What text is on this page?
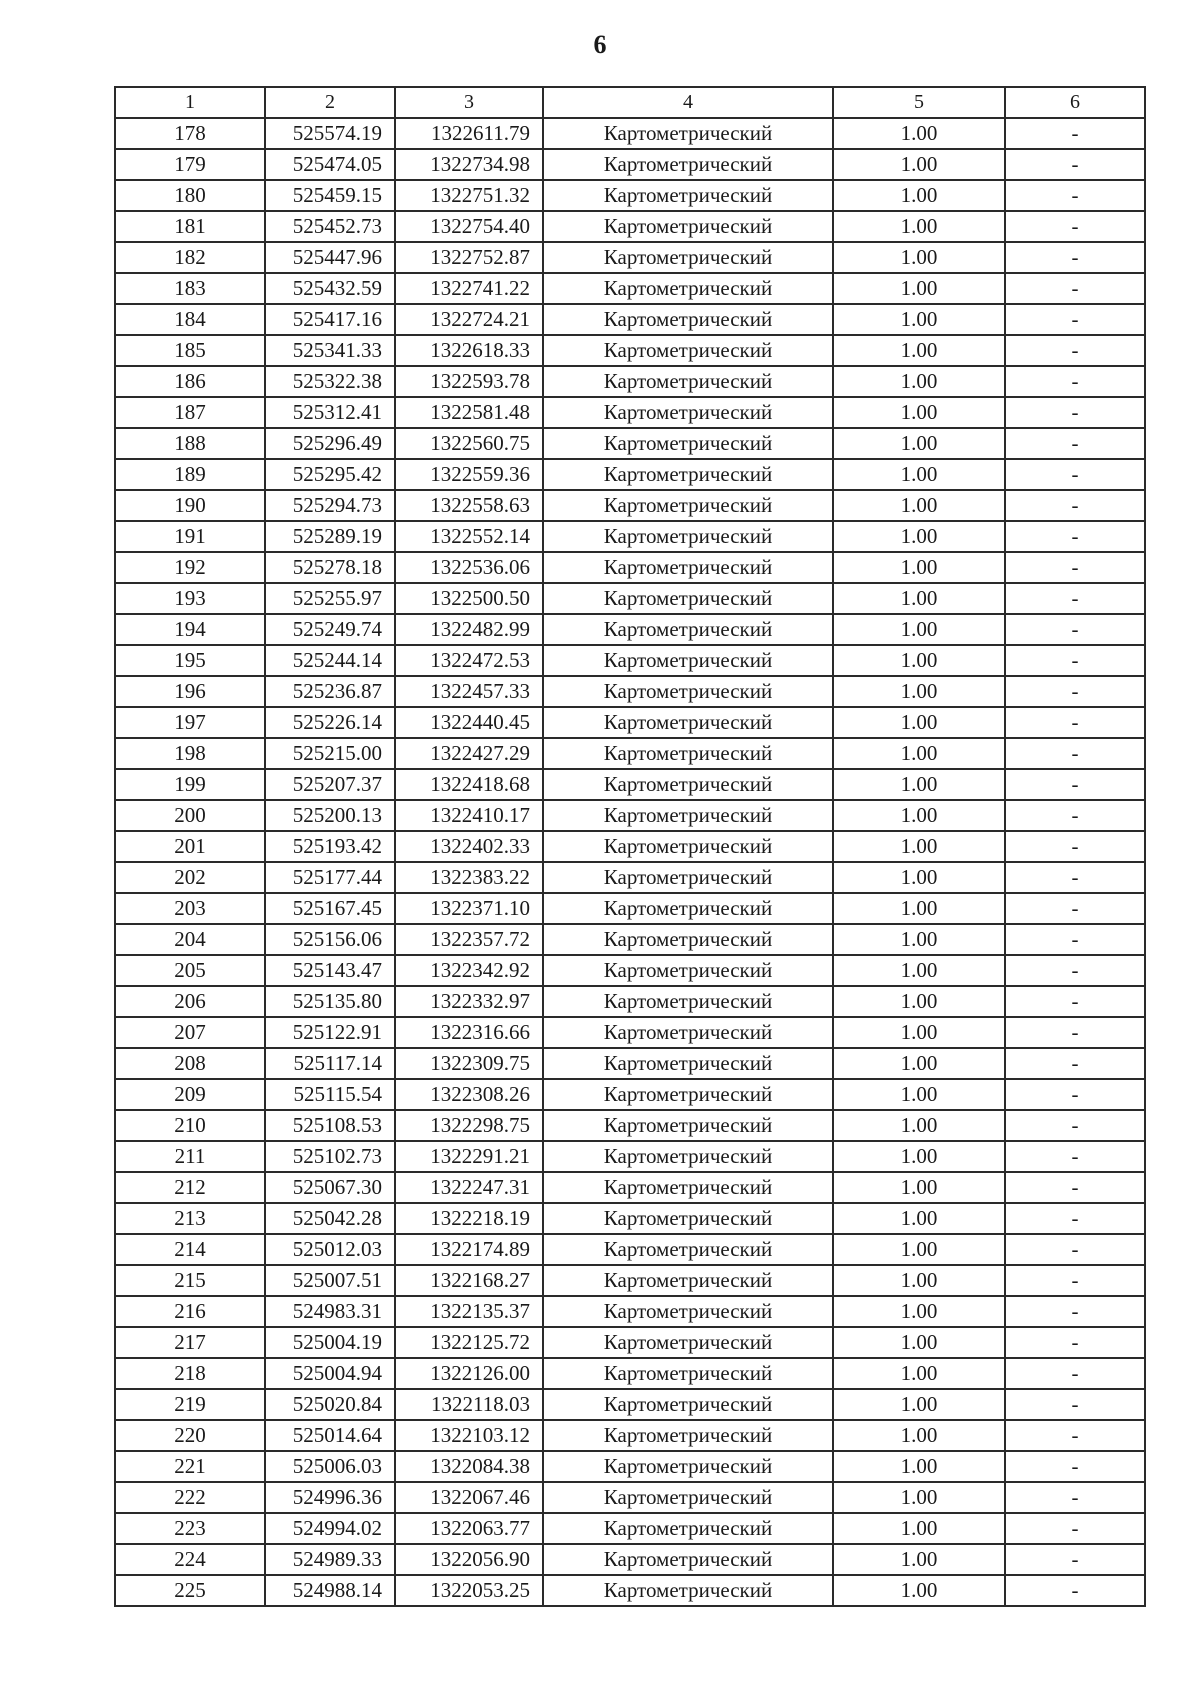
6
1	2	3	4	5	6
178	525574.19	1322611.79	Картометрический	1.00	-
179	525474.05	1322734.98	Картометрический	1.00	-
180	525459.15	1322751.32	Картометрический	1.00	-
181	525452.73	1322754.40	Картометрический	1.00	-
182	525447.96	1322752.87	Картометрический	1.00	-
183	525432.59	1322741.22	Картометрический	1.00	-
184	525417.16	1322724.21	Картометрический	1.00	-
185	525341.33	1322618.33	Картометрический	1.00	-
186	525322.38	1322593.78	Картометрический	1.00	-
187	525312.41	1322581.48	Картометрический	1.00	-
188	525296.49	1322560.75	Картометрический	1.00	-
189	525295.42	1322559.36	Картометрический	1.00	-
190	525294.73	1322558.63	Картометрический	1.00	-
191	525289.19	1322552.14	Картометрический	1.00	-
192	525278.18	1322536.06	Картометрический	1.00	-
193	525255.97	1322500.50	Картометрический	1.00	-
194	525249.74	1322482.99	Картометрический	1.00	-
195	525244.14	1322472.53	Картометрический	1.00	-
196	525236.87	1322457.33	Картометрический	1.00	-
197	525226.14	1322440.45	Картометрический	1.00	-
198	525215.00	1322427.29	Картометрический	1.00	-
199	525207.37	1322418.68	Картометрический	1.00	-
200	525200.13	1322410.17	Картометрический	1.00	-
201	525193.42	1322402.33	Картометрический	1.00	-
202	525177.44	1322383.22	Картометрический	1.00	-
203	525167.45	1322371.10	Картометрический	1.00	-
204	525156.06	1322357.72	Картометрический	1.00	-
205	525143.47	1322342.92	Картометрический	1.00	-
206	525135.80	1322332.97	Картометрический	1.00	-
207	525122.91	1322316.66	Картометрический	1.00	-
208	525117.14	1322309.75	Картометрический	1.00	-
209	525115.54	1322308.26	Картометрический	1.00	-
210	525108.53	1322298.75	Картометрический	1.00	-
211	525102.73	1322291.21	Картометрический	1.00	-
212	525067.30	1322247.31	Картометрический	1.00	-
213	525042.28	1322218.19	Картометрический	1.00	-
214	525012.03	1322174.89	Картометрический	1.00	-
215	525007.51	1322168.27	Картометрический	1.00	-
216	524983.31	1322135.37	Картометрический	1.00	-
217	525004.19	1322125.72	Картометрический	1.00	-
218	525004.94	1322126.00	Картометрический	1.00	-
219	525020.84	1322118.03	Картометрический	1.00	-
220	525014.64	1322103.12	Картометрический	1.00	-
221	525006.03	1322084.38	Картометрический	1.00	-
222	524996.36	1322067.46	Картометрический	1.00	-
223	524994.02	1322063.77	Картометрический	1.00	-
224	524989.33	1322056.90	Картометрический	1.00	-
225	524988.14	1322053.25	Картометрический	1.00	-
